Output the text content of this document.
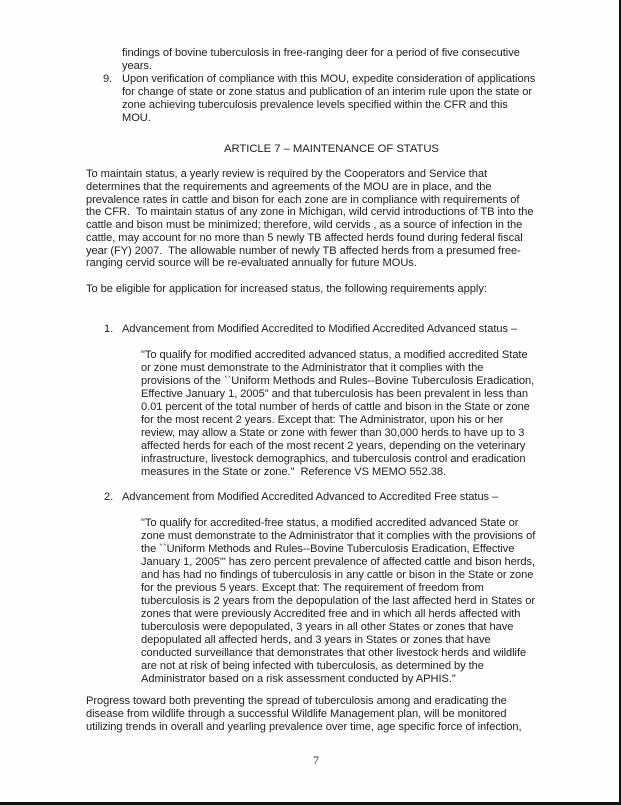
findings of bovine tuberculosis in free-ranging deer for a period of five consecutive
years.
9. Upon verification of compliance with this MOU, expedite consideration of applications
for change of state or zone status and publication of an interim rule upon the state or
zone achieving tuberculosis prevalence levels specified within the CFR and this
MOU.
ARTICLE 7 – MAINTENANCE OF STATUS
To maintain status, a yearly review is required by the Cooperators and Service that
determines that the requirements and agreements of the MOU are in place, and the
prevalence rates in cattle and bison for each zone are in compliance with requirements of
the CFR.  To maintain status of any zone in Michigan, wild cervid introductions of TB into the
cattle and bison must be minimized; therefore, wild cervids , as a source of infection in the
cattle, may account for no more than 5 newly TB affected herds found during federal fiscal
year (FY) 2007.  The allowable number of newly TB affected herds from a presumed free-
ranging cervid source will be re-evaluated annually for future MOUs.
To be eligible for application for increased status, the following requirements apply:
1. Advancement from Modified Accredited to Modified Accredited Advanced status –
"To qualify for modified accredited advanced status, a modified accredited State
or zone must demonstrate to the Administrator that it complies with the
provisions of the ``Uniform Methods and Rules--Bovine Tuberculosis Eradication,
Effective January 1, 2005" and that tuberculosis has been prevalent in less than
0.01 percent of the total number of herds of cattle and bison in the State or zone
for the most recent 2 years. Except that: The Administrator, upon his or her
review, may allow a State or zone with fewer than 30,000 herds to have up to 3
affected herds for each of the most recent 2 years, depending on the veterinary
infrastructure, livestock demographics, and tuberculosis control and eradication
measures in the State or zone."  Reference VS MEMO 552.38.
2. Advancement from Modified Accredited Advanced to Accredited Free status –
"To qualify for accredited-free status, a modified accredited advanced State or
zone must demonstrate to the Administrator that it complies with the provisions of
the ``Uniform Methods and Rules--Bovine Tuberculosis Eradication, Effective
January 1, 2005'" has zero percent prevalence of affected cattle and bison herds,
and has had no findings of tuberculosis in any cattle or bison in the State or zone
for the previous 5 years. Except that: The requirement of freedom from
tuberculosis is 2 years from the depopulation of the last affected herd in States or
zones that were previously Accredited free and in which all herds affected with
tuberculosis were depopulated, 3 years in all other States or zones that have
depopulated all affected herds, and 3 years in States or zones that have
conducted surveillance that demonstrates that other livestock herds and wildlife
are not at risk of being infected with tuberculosis, as determined by the
Administrator based on a risk assessment conducted by APHIS."
Progress toward both preventing the spread of tuberculosis among and eradicating the
disease from wildlife through a successful Wildlife Management plan, will be monitored
utilizing trends in overall and yearling prevalence over time, age specific force of infection,
7
